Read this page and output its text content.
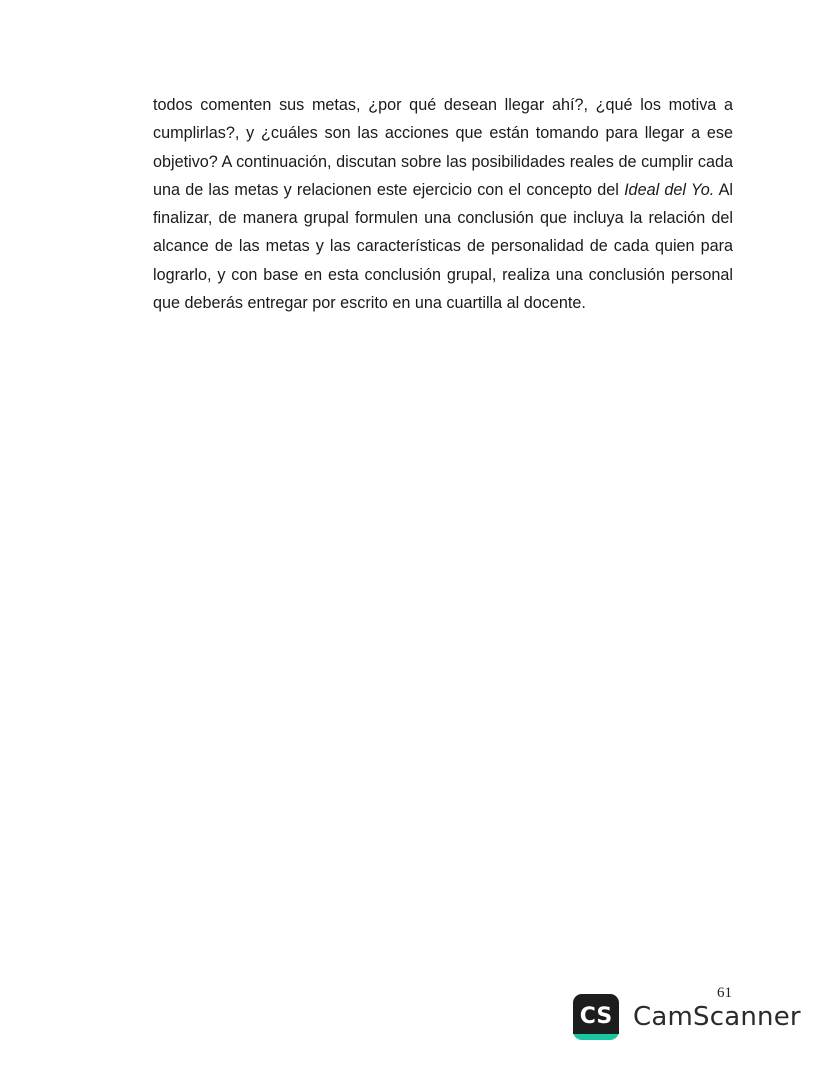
todos comenten sus metas, ¿por qué desean llegar ahí?, ¿qué los motiva a cumplirlas?, y ¿cuáles son las acciones que están tomando para llegar a ese objetivo? A continuación, discutan sobre las posibilidades reales de cumplir cada una de las metas y relacionen este ejercicio con el concepto del Ideal del Yo. Al finalizar, de manera grupal formulen una conclusión que incluya la relación del alcance de las metas y las características de personalidad de cada quien para lograrlo, y con base en esta conclusión grupal, realiza una conclusión personal que deberás entregar por escrito en una cuartilla al docente.

61
CS CamScanner
